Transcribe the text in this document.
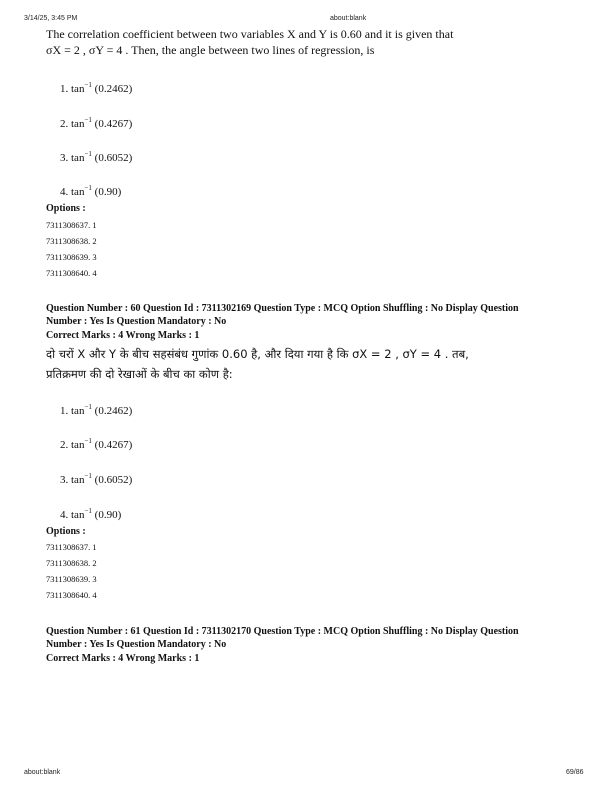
3/14/25, 3:45 PM	about:blank
The correlation coefficient between two variables X and Y is 0.60 and it is given that
σX = 2 , σY = 4 . Then, the angle between two lines of regression, is
1. $\tan^{-1} (0.2462)$
2. $\tan^{-1} (0.4267)$
3. $\tan^{-1} (0.6052)$
4. $\tan^{-1} (0.90)$
Options :
7311308637. 1
7311308638. 2
7311308639. 3
7311308640. 4
Question Number : 60 Question Id : 7311302169 Question Type : MCQ Option Shuffling : No Display Question
Number : Yes Is Question Mandatory : No
Correct Marks : 4 Wrong Marks : 1
दो चरों X और Y के बीच सहसंबंध गुणांक 0.60 है, और दिया गया है कि σX = 2 , σY = 4 . तब,
प्रतिक्रमण की दो रेखाओं के बीच का कोण है:
1. $\tan^{-1} (0.2462)$
2. $\tan^{-1} (0.4267)$
3. $\tan^{-1} (0.6052)$
4. $\tan^{-1} (0.90)$
Options :
7311308637. 1
7311308638. 2
7311308639. 3
7311308640. 4
Question Number : 61 Question Id : 7311302170 Question Type : MCQ Option Shuffling : No Display Question
Number : Yes Is Question Mandatory : No
Correct Marks : 4 Wrong Marks : 1
about:blank	69/86
